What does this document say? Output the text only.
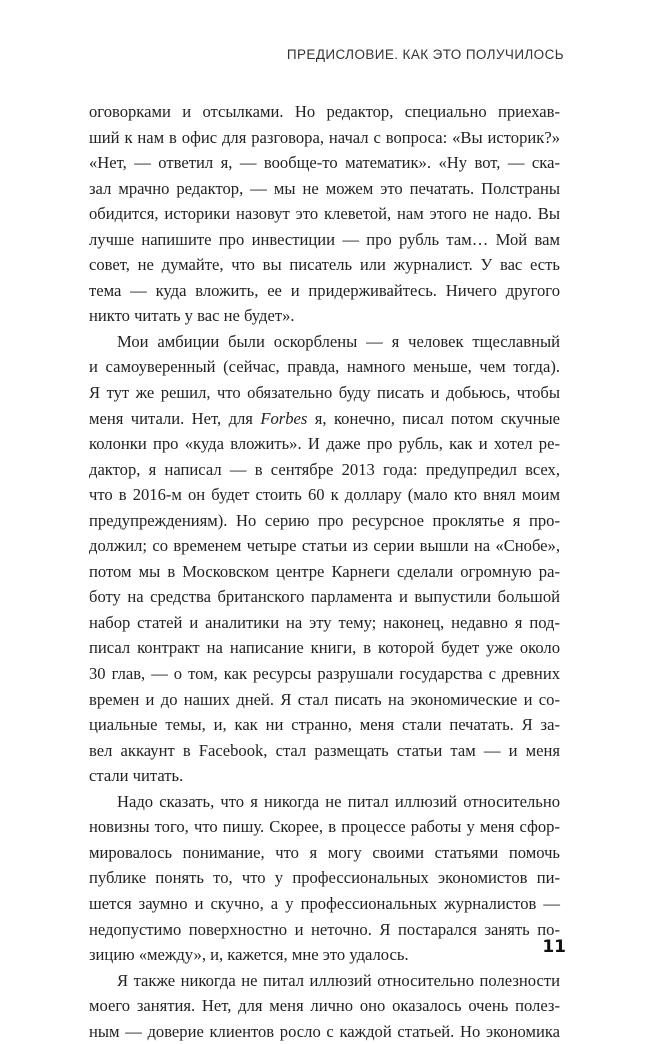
ПРЕДИСЛОВИЕ. КАК ЭТО ПОЛУЧИЛОСЬ
оговорками и отсылками. Но редактор, специально приехав-
ший к нам в офис для разговора, начал с вопроса: «Вы историк?»
«Нет, — ответил я, — вообще-то математик». «Ну вот, — ска-
зал мрачно редактор, — мы не можем это печатать. Полстраны
обидится, историки назовут это клеветой, нам этого не надо. Вы
лучше напишите про инвестиции — про рубль там… Мой вам
совет, не думайте, что вы писатель или журналист. У вас есть
тема — куда вложить, ее и придерживайтесь. Ничего другого
никто читать у вас не будет».
Мои амбиции были оскорблены — я человек тщеславный
и самоуверенный (сейчас, правда, намного меньше, чем тогда).
Я тут же решил, что обязательно буду писать и добьюсь, чтобы
меня читали. Нет, для Forbes я, конечно, писал потом скучные
колонки про «куда вложить». И даже про рубль, как и хотел ре-
дактор, я написал — в сентябре 2013 года: предупредил всех,
что в 2016-м он будет стоить 60 к доллару (мало кто внял моим
предупреждениям). Но серию про ресурсное проклятье я про-
должил; со временем четыре статьи из серии вышли на «Снобе»,
потом мы в Московском центре Карнеги сделали огромную ра-
боту на средства британского парламента и выпустили большой
набор статей и аналитики на эту тему; наконец, недавно я под-
писал контракт на написание книги, в которой будет уже около
30 глав, — о том, как ресурсы разрушали государства с древних
времен и до наших дней. Я стал писать на экономические и со-
циальные темы, и, как ни странно, меня стали печатать. Я за-
вел аккаунт в Facebook, стал размещать статьи там — и меня
стали читать.
Надо сказать, что я никогда не питал иллюзий относительно
новизны того, что пишу. Скорее, в процессе работы у меня сфор-
мировалось понимание, что я могу своими статьями помочь
публике понять то, что у профессиональных экономистов пи-
шется заумно и скучно, а у профессиональных журналистов —
недопустимо поверхностно и неточно. Я постарался занять по-
зицию «между», и, кажется, мне это удалось.
Я также никогда не питал иллюзий относительно полезности
моего занятия. Нет, для меня лично оно оказалось очень полез-
ным — доверие клиентов росло с каждой статьей. Но экономика
11
